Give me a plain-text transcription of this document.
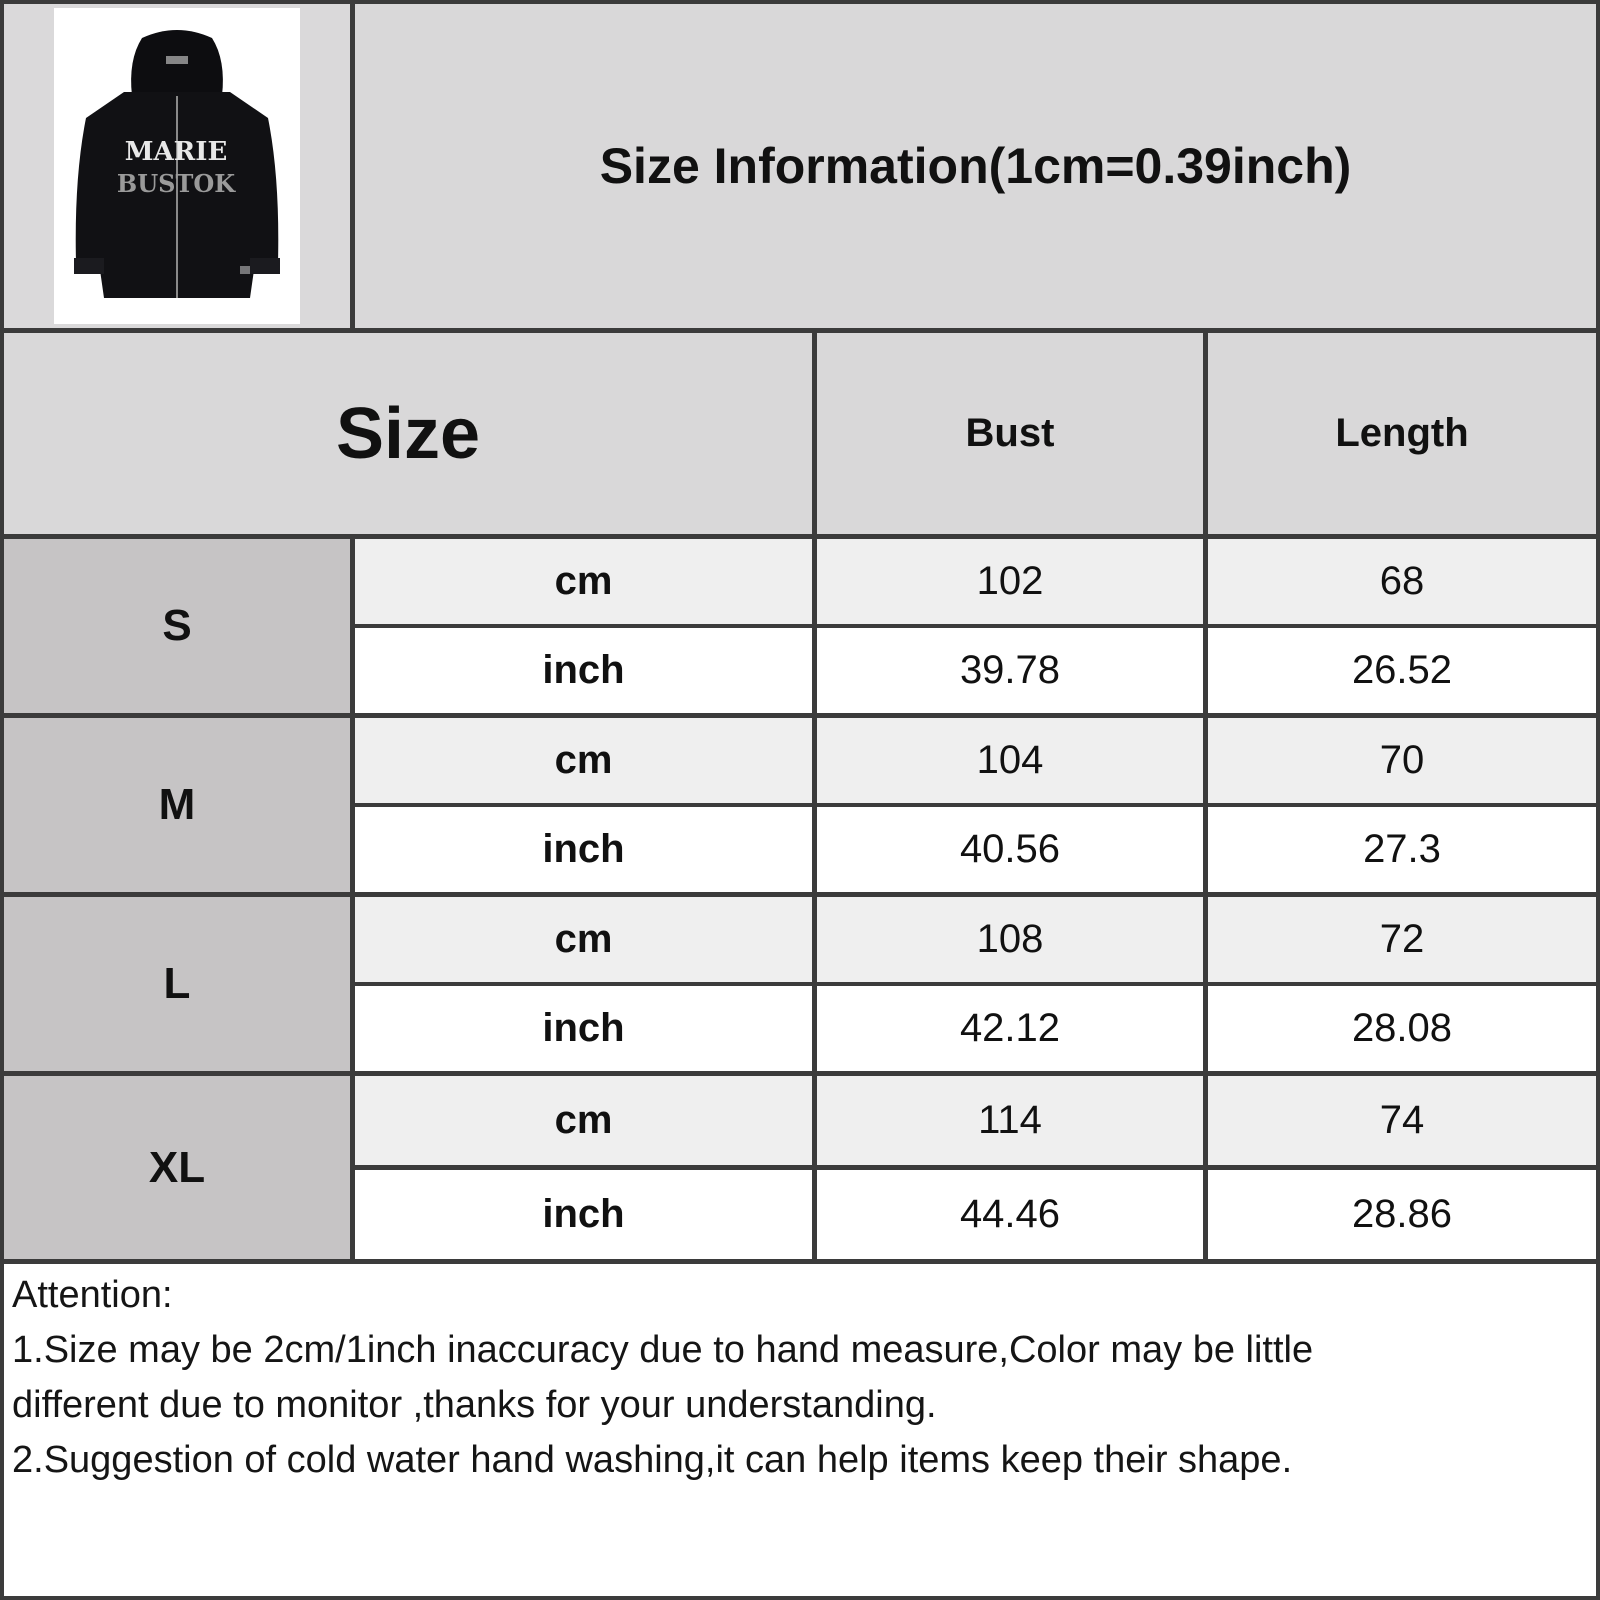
MARIE
BUSTOK	Size Information(1cm=0.39inch)
Size	Bust	Length
S
cm	102	68
inch	39.78	26.52
M
cm	104	70
inch	40.56	27.3
L
cm	108	72
inch	42.12	28.08
XL
cm	114	74
inch	44.46	28.86

Attention:

1.Size may be 2cm/1inch inaccuracy due to hand measure,Color may be little

different due to monitor ,thanks for your understanding.

2.Suggestion of cold water hand washing,it can help items keep their shape.
